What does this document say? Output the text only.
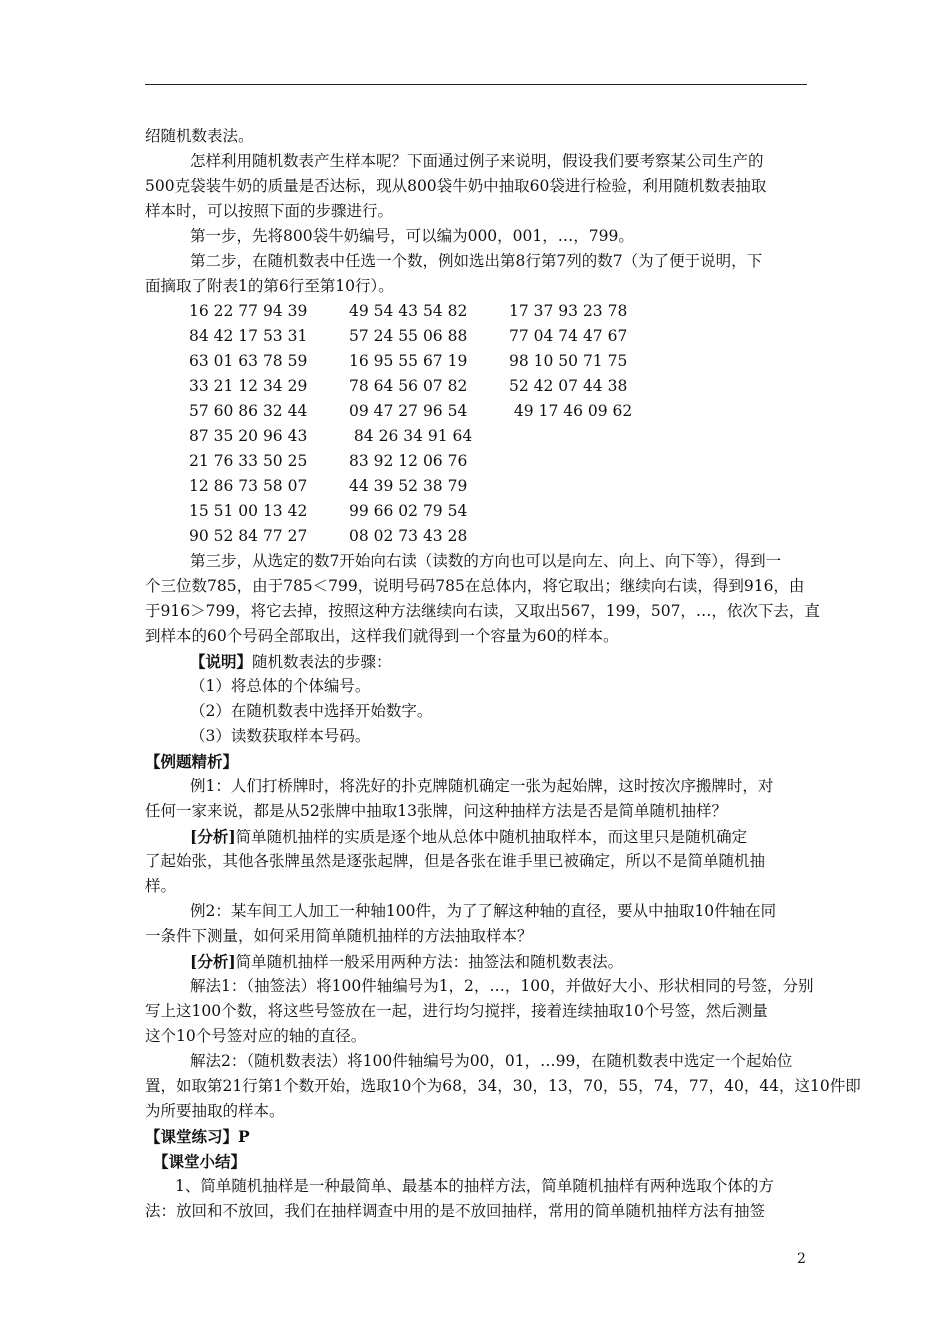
绍随机数表法。

怎样利用随机数表产生样本呢？下面通过例子来说明，假设我们要考察某公司生产的

500克袋装牛奶的质量是否达标，现从800袋牛奶中抽取60袋进行检验，利用随机数表抽取

样本时，可以按照下面的步骤进行。

第一步，先将800袋牛奶编号，可以编为000，001，…，799。

第二步，在随机数表中任选一个数，例如选出第8行第7列的数7（为了便于说明，下

面摘取了附表1的第6行至第10行）。

16 22 77 94 39	49 54 43 54 82	17 37 93 23 78
84 42 17 53 31	57 24 55 06 88	77 04 74 47 67
63 01 63 78 59	16 95 55 67 19	98 10 50 71 75
33 21 12 34 29	78 64 56 07 82	52 42 07 44 38
57 60 86 32 44	09 47 27 96 54	49 17 46 09 62
87 35 20 96 43	84 26 34 91 64
21 76 33 50 25	83 92 12 06 76
12 86 73 58 07	44 39 52 38 79
15 51 00 13 42	99 66 02 79 54
90 52 84 77 27	08 02 73 43 28

第三步，从选定的数7开始向右读（读数的方向也可以是向左、向上、向下等），得到一

个三位数785，由于785＜799，说明号码785在总体内，将它取出；继续向右读，得到916，由

于916＞799，将它去掉，按照这种方法继续向右读，又取出567，199，507，…，依次下去，直

到样本的60个号码全部取出，这样我们就得到一个容量为60的样本。

【说明】随机数表法的步骤：

（1）将总体的个体编号。

（2）在随机数表中选择开始数字。

（3）读数获取样本号码。

【例题精析】

例1：人们打桥牌时，将洗好的扑克牌随机确定一张为起始牌，这时按次序搬牌时，对

任何一家来说，都是从52张牌中抽取13张牌，问这种抽样方法是否是简单随机抽样？

[分析]简单随机抽样的实质是逐个地从总体中随机抽取样本，而这里只是随机确定

了起始张，其他各张牌虽然是逐张起牌，但是各张在谁手里已被确定，所以不是简单随机抽

样。

例2：某车间工人加工一种轴100件，为了了解这种轴的直径，要从中抽取10件轴在同

一条件下测量，如何采用简单随机抽样的方法抽取样本？

[分析]简单随机抽样一般采用两种方法：抽签法和随机数表法。

解法1：（抽签法）将100件轴编号为1，2，…，100，并做好大小、形状相同的号签，分别

写上这100个数，将这些号签放在一起，进行均匀搅拌，接着连续抽取10个号签，然后测量

这个10个号签对应的轴的直径。

解法2：（随机数表法）将100件轴编号为00，01，…99，在随机数表中选定一个起始位

置，如取第21行第1个数开始，选取10个为68，34，30，13，70，55，74，77，40，44，这10件即

为所要抽取的样本。

【课堂练习】P

【课堂小结】

1、简单随机抽样是一种最简单、最基本的抽样方法，简单随机抽样有两种选取个体的方

法：放回和不放回，我们在抽样调查中用的是不放回抽样，常用的简单随机抽样方法有抽签

2
